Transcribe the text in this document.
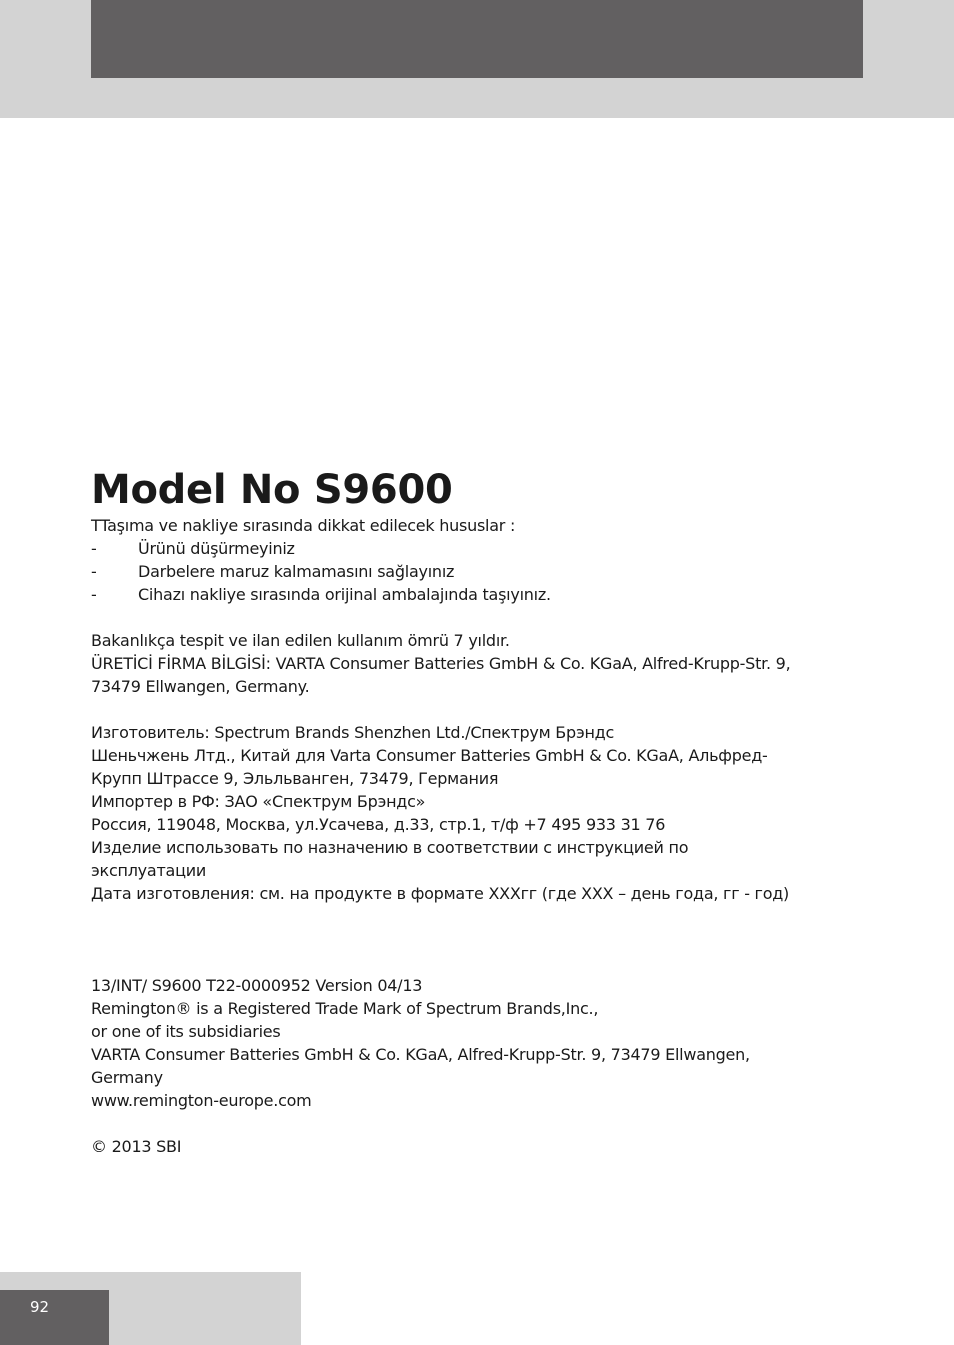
Model No S9600
TTaşıma ve nakliye sırasında dikkat edilecek hususlar :
-	Ürünü düşürmeyiniz
-	Darbelere maruz kalmamasını sağlayınız
-	Cihazı nakliye sırasında orijinal ambalajında taşıyınız.
Bakanlıkça tespit ve ilan edilen kullanım ömrü 7 yıldır.
ÜRETİCİ FİRMA BİLGİSİ: VARTA Consumer Batteries GmbH & Co. KGaA, Alfred-Krupp-Str. 9,
73479 Ellwangen, Germany.
Изготовитель: Spectrum Brands Shenzhen Ltd./Спектрум Брэндс
Шеньчжень Лтд., Китай для Varta Consumer Batteries GmbH & Co. KGaA, Альфред-
Крупп Штрассе 9, Эльльванген, 73479, Германия
Импортер в РФ: ЗАО «Спектрум Брэндс»
Россия, 119048, Москва, ул.Усачева, д.33, стр.1, т/ф +7 495 933 31 76
Изделие использовать по назначению в соответствии с инструкцией по
эксплуатации
Дата изготовления: см. на продукте в формате XXXгг (где XXX – день года, гг - год)
13/INT/ S9600 T22-0000952 Version 04/13
Remington® is a Registered Trade Mark of Spectrum Brands,Inc.,
or one of its subsidiaries
VARTA Consumer Batteries GmbH & Co. KGaA, Alfred-Krupp-Str. 9, 73479 Ellwangen,
Germany
www.remington-europe.com
© 2013 SBI
92
